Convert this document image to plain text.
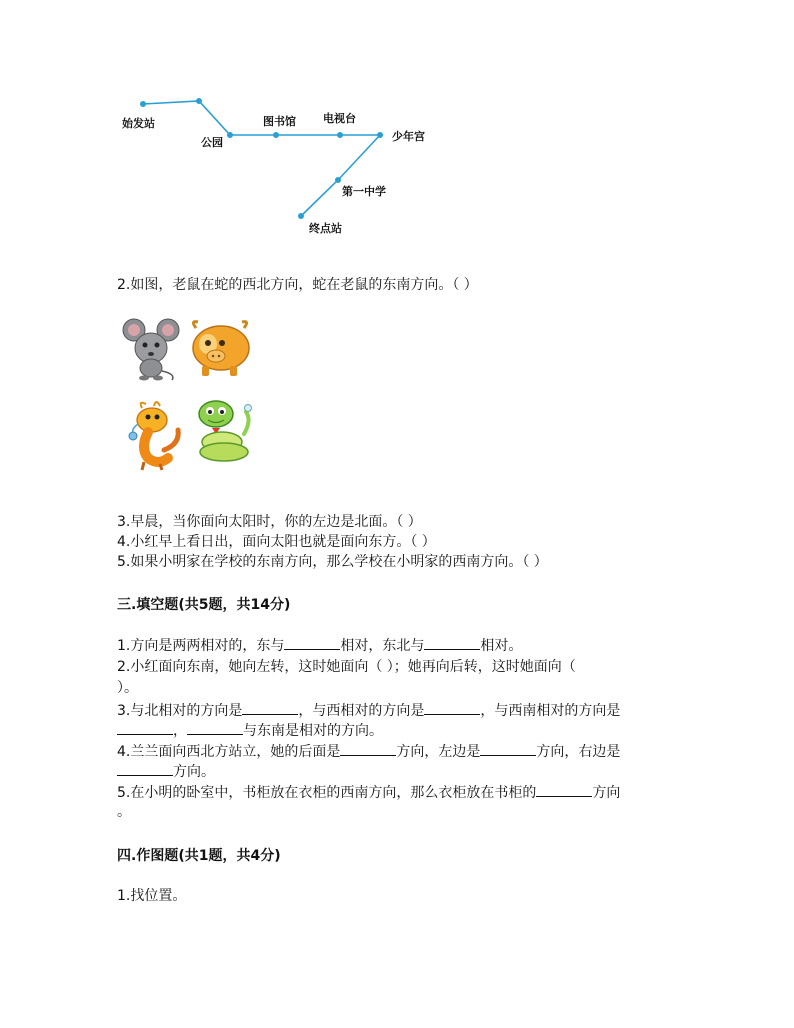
始发站
公园
图书馆 电视台
少年宫
第一中学
终点站
2.如图，老鼠在蛇的西北方向，蛇在老鼠的东南方向。（ ）
3.早晨，当你面向太阳时，你的左边是北面。（ ）
4.小红早上看日出，面向太阳也就是面向东方。（ ）
5.如果小明家在学校的东南方向，那么学校在小明家的西南方向。（ ）
三.填空题(共5题，共14分)
1.方向是两两相对的，东与	相对，东北与	相对。
2.小红面向东南，她向左转，这时她面向（ ）；她再向后转，这时她面向（
）。
3.与北相对的方向是	，与西相对的方向是	，与西南相对的方向是
，	与东南是相对的方向。
4.兰兰面向西北方站立，她的后面是	方向，左边是	方向，右边是
方向。
5.在小明的卧室中，书柜放在衣柜的西南方向，那么衣柜放在书柜的	方向
。
四.作图题(共1题，共4分)
1.找位置。
